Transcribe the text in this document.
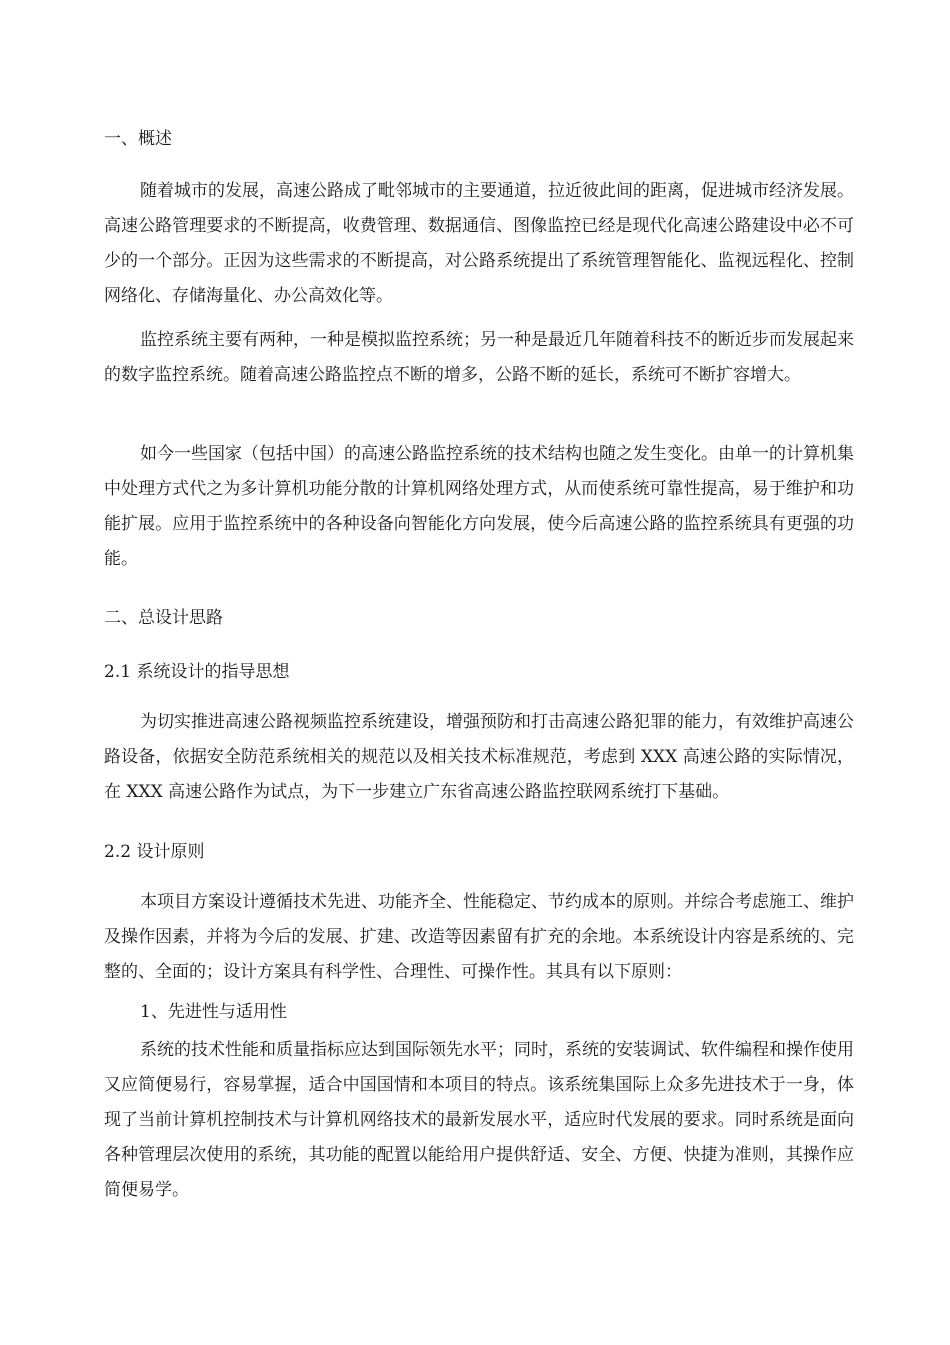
一、概述

随着城市的发展，高速公路成了毗邻城市的主要通道，拉近彼此间的距离，促进城市经济发展。高速公路管理要求的不断提高，收费管理、数据通信、图像监控已经是现代化高速公路建设中必不可少的一个部分。正因为这些需求的不断提高，对公路系统提出了系统管理智能化、监视远程化、控制网络化、存储海量化、办公高效化等。

监控系统主要有两种，一种是模拟监控系统；另一种是最近几年随着科技不的断近步而发展起来的数字监控系统。随着高速公路监控点不断的增多，公路不断的延长，系统可不断扩容增大。

如今一些国家（包括中国）的高速公路监控系统的技术结构也随之发生变化。由单一的计算机集中处理方式代之为多计算机功能分散的计算机网络处理方式，从而使系统可靠性提高，易于维护和功能扩展。应用于监控系统中的各种设备向智能化方向发展，使今后高速公路的监控系统具有更强的功能。

二、总设计思路
2.1 系统设计的指导思想

为切实推进高速公路视频监控系统建设，增强预防和打击高速公路犯罪的能力，有效维护高速公路设备，依据安全防范系统相关的规范以及相关技术标准规范，考虑到 XXX 高速公路的实际情况，在 XXX 高速公路作为试点，为下一步建立广东省高速公路监控联网系统打下基础。

2.2 设计原则

本项目方案设计遵循技术先进、功能齐全、性能稳定、节约成本的原则。并综合考虑施工、维护及操作因素，并将为今后的发展、扩建、改造等因素留有扩充的余地。本系统设计内容是系统的、完整的、全面的；设计方案具有科学性、合理性、可操作性。其具有以下原则：

1、先进性与适用性

系统的技术性能和质量指标应达到国际领先水平；同时，系统的安装调试、软件编程和操作使用又应简便易行，容易掌握，适合中国国情和本项目的特点。该系统集国际上众多先进技术于一身，体现了当前计算机控制技术与计算机网络技术的最新发展水平，适应时代发展的要求。同时系统是面向各种管理层次使用的系统，其功能的配置以能给用户提供舒适、安全、方便、快捷为准则，其操作应简便易学。
